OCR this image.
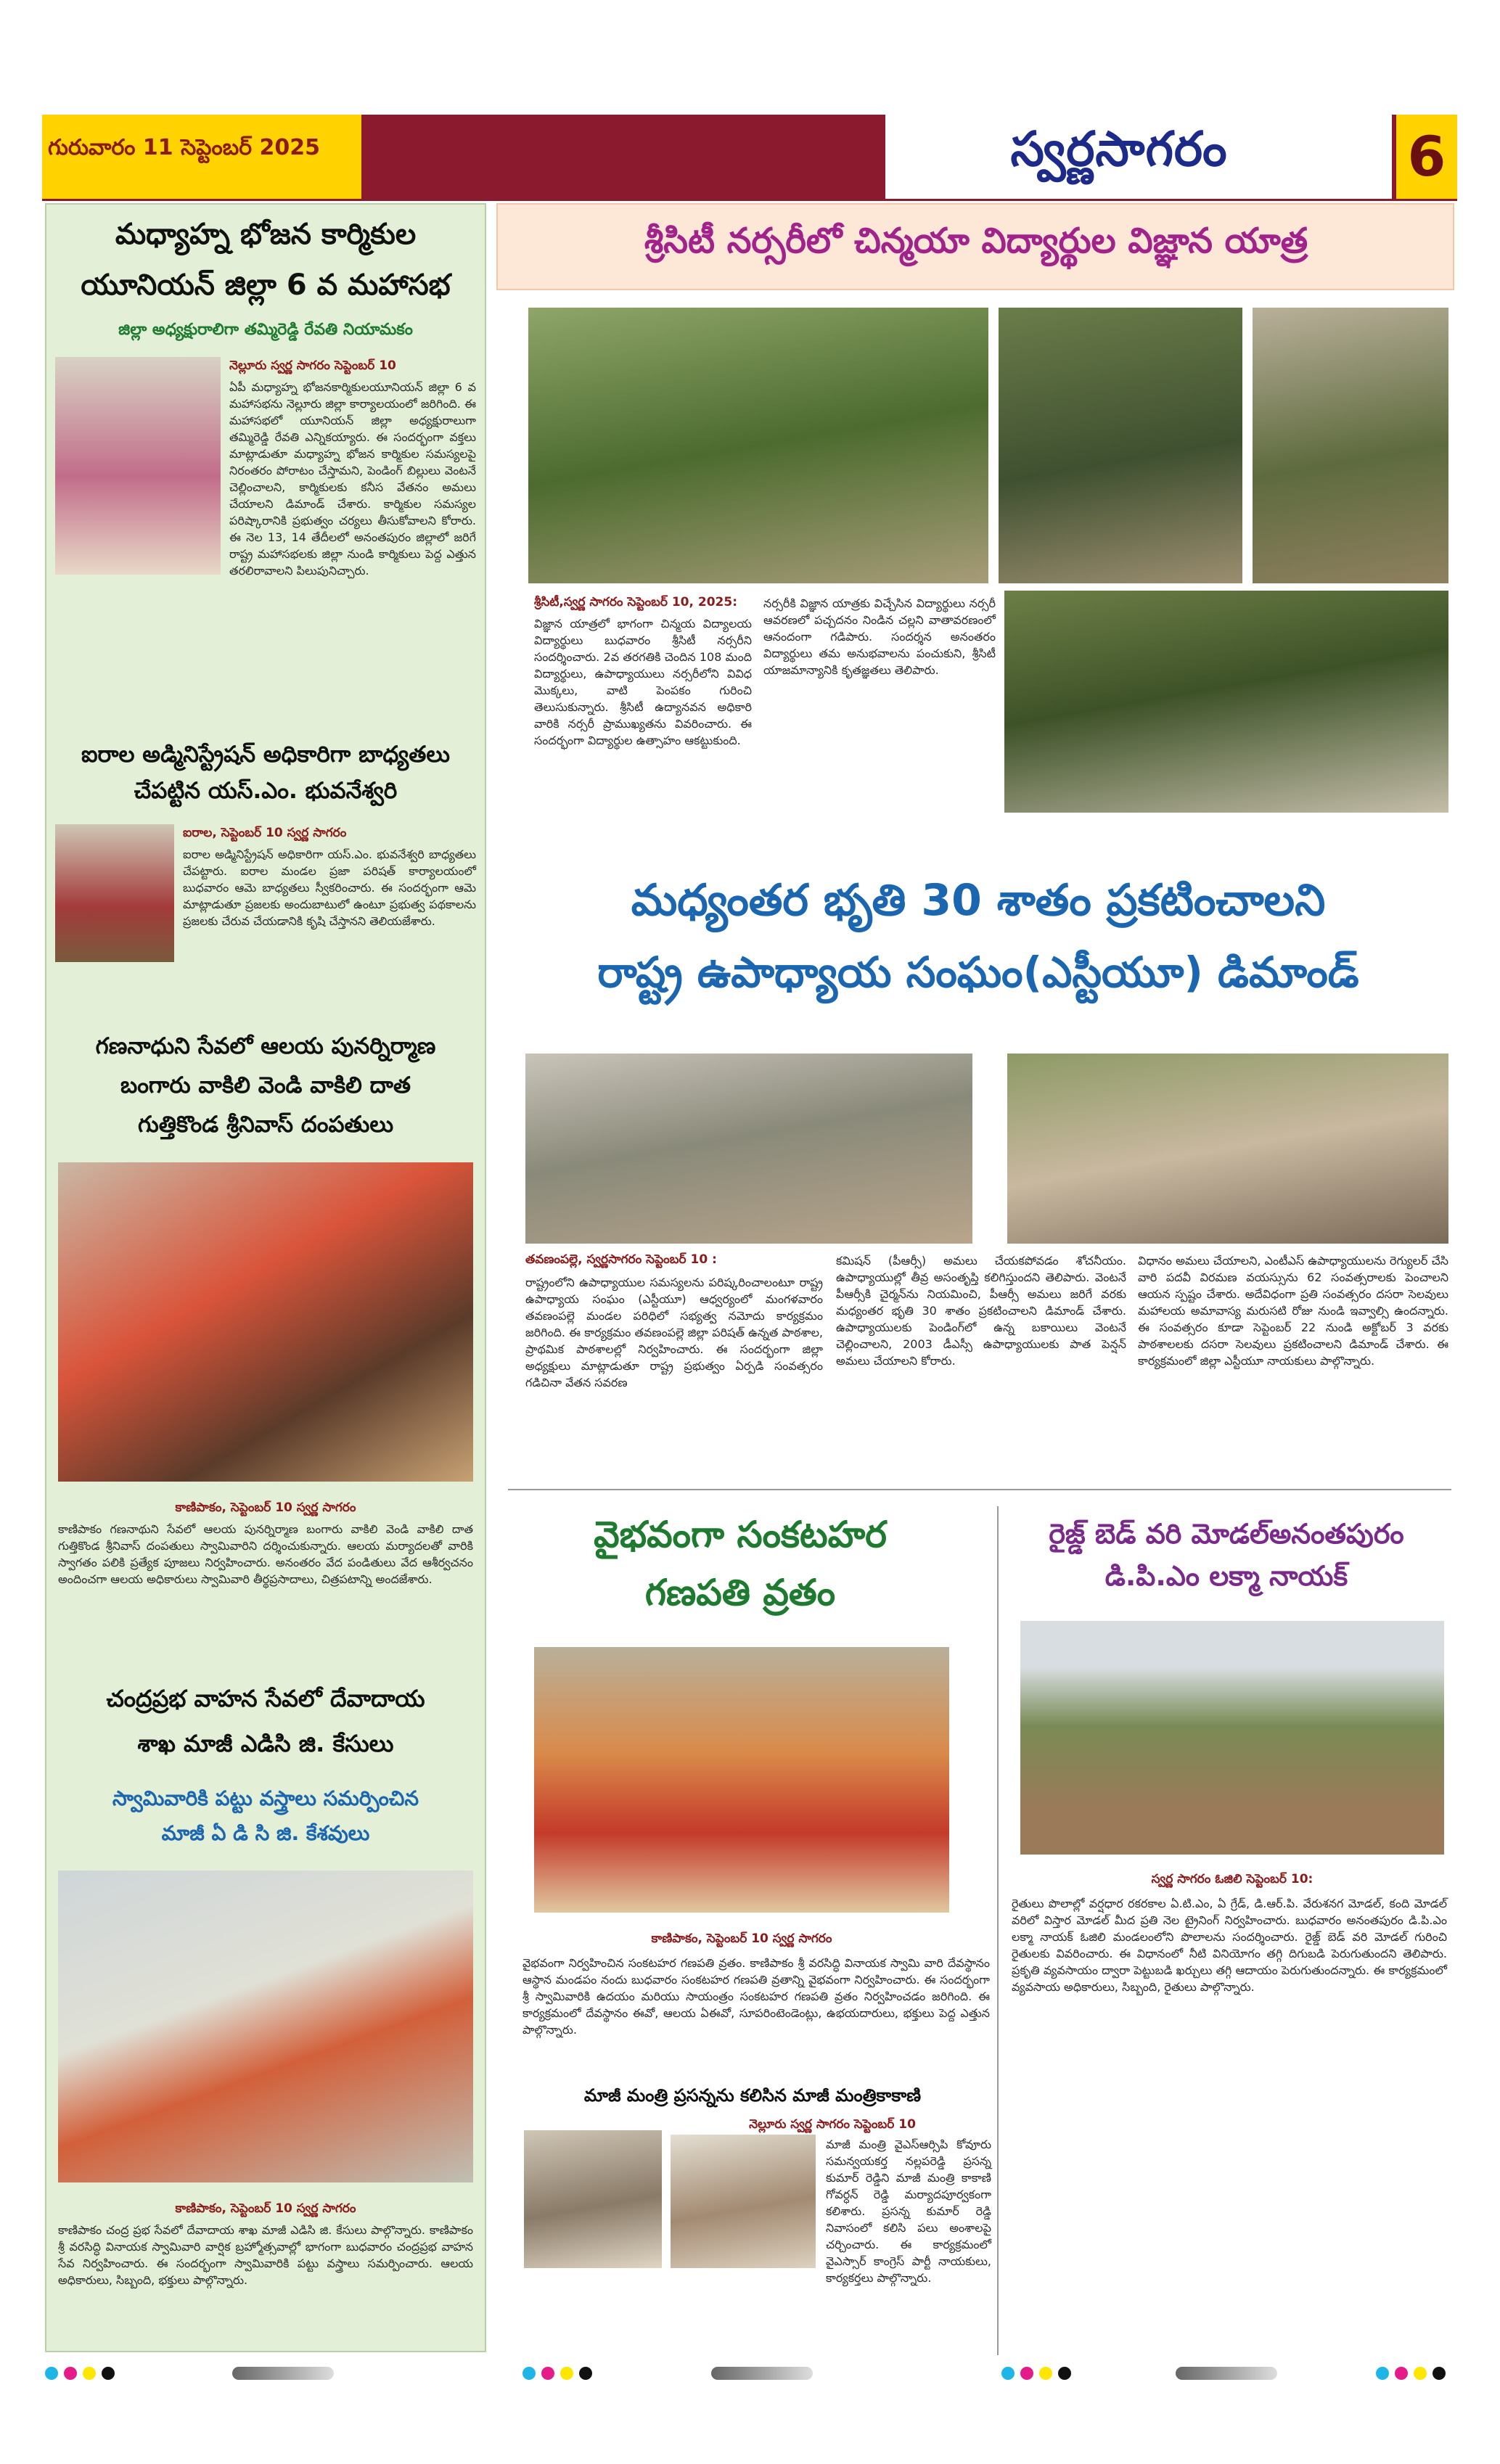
గురువారం 11 సెప్టెంబర్ 2025	స్వర్ణసాగరం	6
మధ్యాహ్న భోజన కార్మికుల
యూనియన్ జిల్లా 6 వ మహాసభ
జిల్లా అధ్యక్షురాలిగా తమ్మిరెడ్డి రేవతి నియామకం
నెల్లూరు స్వర్ణ సాగరం సెప్టెంబర్ 10
ఏపీ మధ్యాహ్న భోజనకార్మికులయూనియన్ జిల్లా 6 వ మహాసభను నెల్లూరు జిల్లా కార్యాలయంలో జరిగింది. ఈ మహాసభలో యూనియన్ జిల్లా అధ్యక్షురాలుగా తమ్మిరెడ్డి రేవతి ఎన్నికయ్యారు. ఈ సందర్భంగా వక్తలు మాట్లాడుతూ మధ్యాహ్న భోజన కార్మికుల సమస్యలపై నిరంతరం పోరాటం చేస్తామని, పెండింగ్ బిల్లులు వెంటనే చెల్లించాలని, కార్మికులకు కనీస వేతనం అమలు చేయాలని డిమాండ్ చేశారు. కార్మికుల సమస్యల పరిష్కారానికి ప్రభుత్వం చర్యలు తీసుకోవాలని కోరారు. ఈ నెల 13, 14 తేదీలలో అనంతపురం జిల్లాలో జరిగే రాష్ట్ర మహాసభలకు జిల్లా నుండి కార్మికులు పెద్ద ఎత్తున తరలిరావాలని పిలుపునిచ్చారు.
ఐరాల అడ్మినిస్ట్రేషన్ అధికారిగా బాధ్యతలు
చేపట్టిన యస్.ఎం. భువనేశ్వరి
ఐరాల, సెప్టెంబర్ 10 స్వర్ణ సాగరం
ఐరాల అడ్మినిస్ట్రేషన్ అధికారిగా యస్.ఎం. భువనేశ్వరి బాధ్యతలు చేపట్టారు. ఐరాల మండల ప్రజా పరిషత్ కార్యాలయంలో బుధవారం ఆమె బాధ్యతలు స్వీకరించారు. ఈ సందర్భంగా ఆమె మాట్లాడుతూ ప్రజలకు అందుబాటులో ఉంటూ ప్రభుత్వ పథకాలను ప్రజలకు చేరువ చేయడానికి కృషి చేస్తానని తెలియజేశారు.
గణనాధుని సేవలో ఆలయ పునర్నిర్మాణ
బంగారు వాకిలి వెండి వాకిలి దాత
గుత్తికొండ శ్రీనివాస్ దంపతులు
కాణిపాకం, సెప్టెంబర్ 10 స్వర్ణ సాగరం
కాణిపాకం గణనాథుని సేవలో ఆలయ పునర్నిర్మాణ బంగారు వాకిలి వెండి వాకిలి దాత గుత్తికొండ శ్రీనివాస్ దంపతులు స్వామివారిని దర్శించుకున్నారు. ఆలయ మర్యాదలతో వారికి స్వాగతం పలికి ప్రత్యేక పూజలు నిర్వహించారు. అనంతరం వేద పండితులు వేద ఆశీర్వచనం అందించగా ఆలయ అధికారులు స్వామివారి తీర్థప్రసాదాలు, చిత్రపటాన్ని అందజేశారు.
చంద్రప్రభ వాహన సేవలో దేవాదాయ
శాఖ మాజీ ఎడిసి జి. కేసులు
స్వామివారికి పట్టు వస్త్రాలు సమర్పించిన
మాజీ ఏ డి సి జి. కేశవులు
కాణిపాకం, సెప్టెంబర్ 10 స్వర్ణ సాగరం
కాణిపాకం చంద్ర ప్రభ సేవలో దేవాదాయ శాఖ మాజీ ఎడిసి జి. కేసులు పాల్గొన్నారు. కాణిపాకం శ్రీ వరసిద్ధి వినాయక స్వామివారి వార్షిక బ్రహ్మోత్సవాల్లో భాగంగా బుధవారం చంద్రప్రభ వాహన సేవ నిర్వహించారు. ఈ సందర్భంగా స్వామివారికి పట్టు వస్త్రాలు సమర్పించారు. ఆలయ అధికారులు, సిబ్బంది, భక్తులు పాల్గొన్నారు.
శ్రీసిటీ నర్సరీలో చిన్మయా విద్యార్థుల విజ్ఞాన యాత్ర
శ్రీసిటీ,స్వర్ణ సాగరం సెప్టెంబర్ 10, 2025:
విజ్ఞాన యాత్రలో భాగంగా చిన్మయ విద్యాలయ విద్యార్థులు బుధవారం శ్రీసిటీ నర్సరీని సందర్శించారు. 2వ తరగతికి చెందిన 108 మంది విద్యార్థులు, ఉపాధ్యాయులు నర్సరీలోని వివిధ మొక్కలు, వాటి పెంపకం గురించి తెలుసుకున్నారు. శ్రీసిటీ ఉద్యానవన అధికారి వారికి నర్సరీ ప్రాముఖ్యతను వివరించారు. ఈ సందర్భంగా విద్యార్థుల ఉత్సాహం ఆకట్టుకుంది.
నర్సరీకి విజ్ఞాన యాత్రకు విచ్చేసిన విద్యార్థులు నర్సరీ ఆవరణలో పచ్చదనం నిండిన చల్లని వాతావరణంలో ఆనందంగా గడిపారు. సందర్శన అనంతరం విద్యార్థులు తమ అనుభవాలను పంచుకుని, శ్రీసిటీ యాజమాన్యానికి కృతజ్ఞతలు తెలిపారు.
మధ్యంతర భృతి 30 శాతం ప్రకటించాలని
రాష్ట్ర ఉపాధ్యాయ సంఘం(ఎస్టీయూ) డిమాండ్
తవణంపల్లె, స్వర్ణసాగరం సెప్టెంబర్ 10 :
రాష్ట్రంలోని ఉపాధ్యాయుల సమస్యలను పరిష్కరించాలంటూ రాష్ట్ర ఉపాధ్యాయ సంఘం (ఎస్టీయూ) ఆధ్వర్యంలో మంగళవారం తవణంపల్లె మండల పరిధిలో సభ్యత్వ నమోదు కార్యక్రమం జరిగింది. ఈ కార్యక్రమం తవణంపల్లె జిల్లా పరిషత్ ఉన్నత పాఠశాల, ప్రాథమిక పాఠశాలల్లో నిర్వహించారు. ఈ సందర్భంగా జిల్లా అధ్యక్షులు మాట్లాడుతూ రాష్ట్ర ప్రభుత్వం ఏర్పడి సంవత్సరం గడిచినా వేతన సవరణ
కమిషన్ (పీఆర్సీ) అమలు చేయకపోవడం శోచనీయం. ఉపాధ్యాయుల్లో తీవ్ర అసంతృప్తి కలిగిస్తుందని తెలిపారు. వెంటనే పీఆర్సీకి చైర్మన్‌ను నియమించి, పీఆర్సీ అమలు జరిగే వరకు మధ్యంతర భృతి 30 శాతం ప్రకటించాలని డిమాండ్ చేశారు. ఉపాధ్యాయులకు పెండింగ్‌లో ఉన్న బకాయిలు వెంటనే చెల్లించాలని, 2003 డీఎస్సీ ఉపాధ్యాయులకు పాత పెన్షన్ అమలు చేయాలని కోరారు.
విధానం అమలు చేయాలని, ఎంటీఎస్ ఉపాధ్యాయులను రెగ్యులర్ చేసి వారి పదవీ విరమణ వయస్సును 62 సంవత్సరాలకు పెంచాలని ఆయన స్పష్టం చేశారు. అదేవిధంగా ప్రతి సంవత్సరం దసరా సెలవులు మహాలయ అమావాస్య మరుసటి రోజు నుండి ఇవ్వాల్సి ఉందన్నారు. ఈ సంవత్సరం కూడా సెప్టెంబర్ 22 నుండి అక్టోబర్ 3 వరకు పాఠశాలలకు దసరా సెలవులు ప్రకటించాలని డిమాండ్ చేశారు. ఈ కార్యక్రమంలో జిల్లా ఎస్టీయూ నాయకులు పాల్గొన్నారు.
వైభవంగా సంకటహర
గణపతి వ్రతం
కాణిపాకం, సెప్టెంబర్ 10 స్వర్ణ సాగరం
వైభవంగా నిర్వహించిన సంకటహర గణపతి వ్రతం. కాణిపాకం శ్రీ వరసిద్ధి వినాయక స్వామి వారి దేవస్థానం ఆస్థాన మండపం నందు బుధవారం సంకటహర గణపతి వ్రతాన్ని వైభవంగా నిర్వహించారు. ఈ సందర్భంగా శ్రీ స్వామివారికి ఉదయం మరియు సాయంత్రం సంకటహర గణపతి వ్రతం నిర్వహించడం జరిగింది. ఈ కార్యక్రమంలో దేవస్థానం ఈవో, ఆలయ ఏఈవో, సూపరింటెండెంట్లు, ఉభయదారులు, భక్తులు పెద్ద ఎత్తున పాల్గొన్నారు.
రైజ్డ్ బెడ్ వరి మోడల్‌అనంతపురం
డి.పి.ఎం లక్మా నాయక్
స్వర్ణ సాగరం ఓజిలి సెప్టెంబర్ 10:
రైతులు పొలాల్లో వర్షధార రకరకాల ఏ.టి.ఎం, ఏ గ్రేడ్, డి.ఆర్.పి. వేరుశనగ మోడల్, కంది మోడల్ వరిలో విస్తార మోడల్ మీద ప్రతి నెల ట్రైనింగ్ నిర్వహించారు. బుధవారం అనంతపురం డి.పి.ఎం లక్మా నాయక్ ఓజిలి మండలంలోని పొలాలను సందర్శించారు. రైజ్డ్ బెడ్ వరి మోడల్ గురించి రైతులకు వివరించారు. ఈ విధానంలో నీటి వినియోగం తగ్గి దిగుబడి పెరుగుతుందని తెలిపారు. ప్రకృతి వ్యవసాయం ద్వారా పెట్టుబడి ఖర్చులు తగ్గి ఆదాయం పెరుగుతుందన్నారు. ఈ కార్యక్రమంలో వ్యవసాయ అధికారులు, సిబ్బంది, రైతులు పాల్గొన్నారు.
మాజీ మంత్రి ప్రసన్నను కలిసిన మాజీ మంత్రికాకాణి
నెల్లూరు స్వర్ణ సాగరం సెప్టెంబర్ 10
మాజీ మంత్రి వైఎస్ఆర్సిపి కోవూరు సమన్వయకర్త నల్లపరెడ్డి ప్రసన్న కుమార్ రెడ్డిని మాజీ మంత్రి కాకాణి గోవర్ధన్ రెడ్డి మర్యాదపూర్వకంగా కలిశారు. ప్రసన్న కుమార్ రెడ్డి నివాసంలో కలిసి పలు అంశాలపై చర్చించారు. ఈ కార్యక్రమంలో వైఎస్సార్ కాంగ్రెస్ పార్టీ నాయకులు, కార్యకర్తలు పాల్గొన్నారు.
